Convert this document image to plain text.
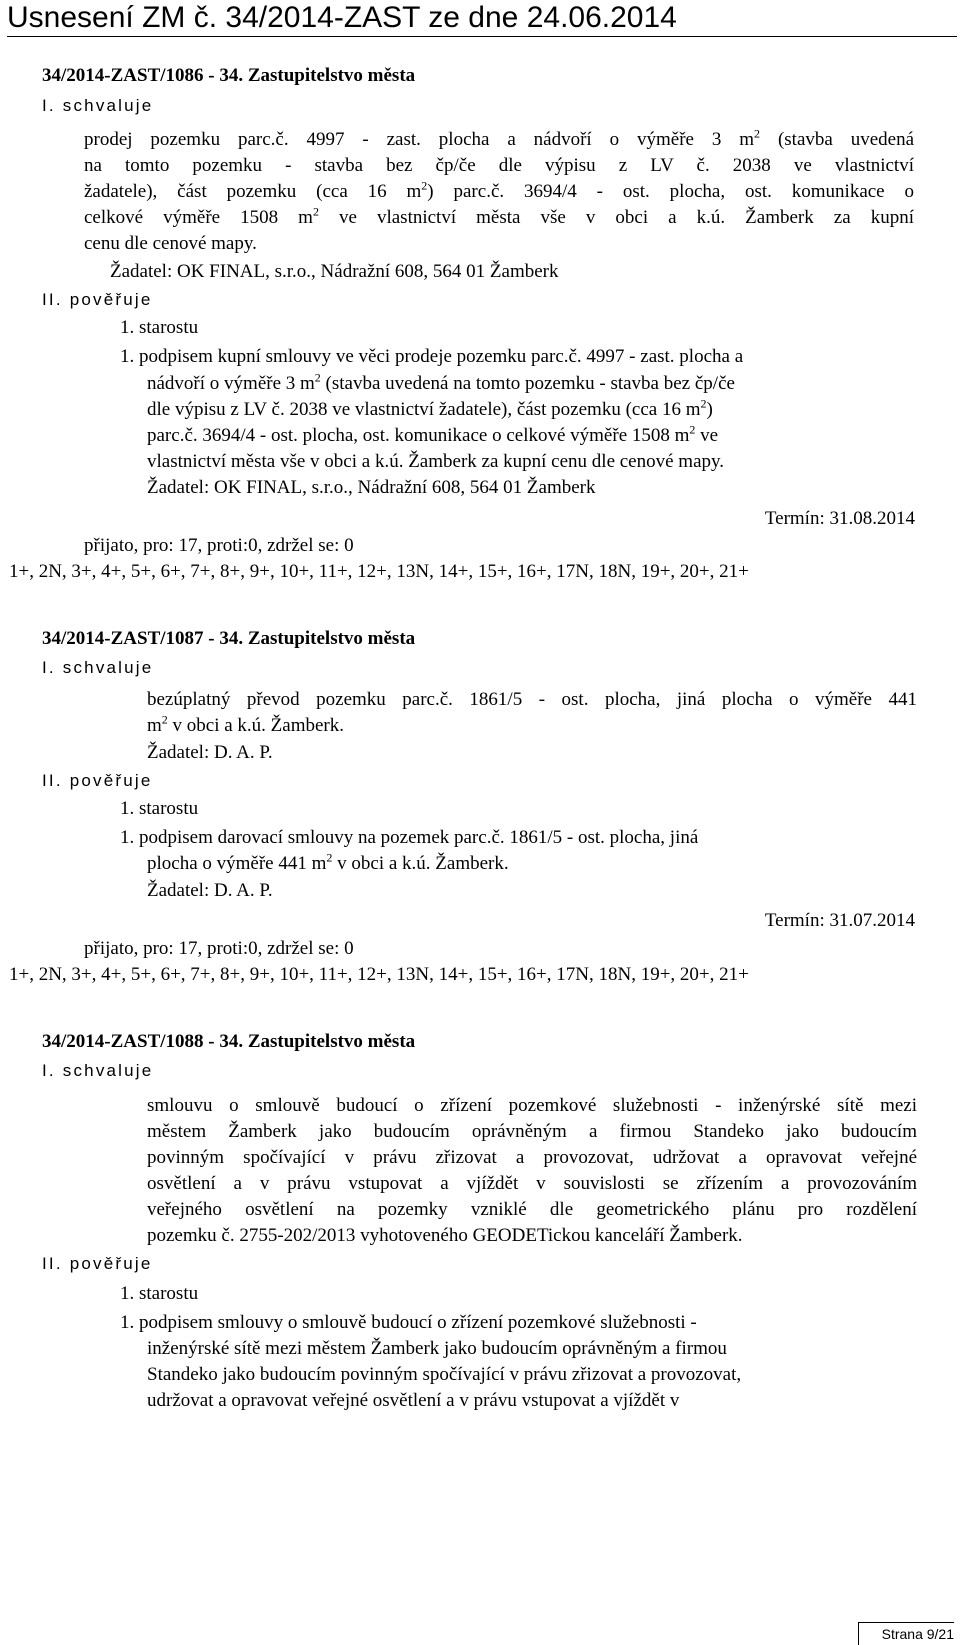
Usnesení ZM č. 34/2014-ZAST ze dne 24.06.2014
34/2014-ZAST/1086 - 34. Zastupitelstvo města
I. schvaluje
prodej pozemku parc.č. 4997 - zast. plocha a nádvoří o výměře 3 $m^2$ (stavba uvedená
na tomto pozemku - stavba bez čp/če dle výpisu z LV č. 2038 ve vlastnictví
žadatele), část pozemku (cca 16 $m^2$) parc.č. 3694/4 - ost. plocha, ost. komunikace o
celkové výměře 1508 $m^2$ ve vlastnictví města vše v obci a k.ú. Žamberk za kupní
cenu dle cenové mapy.
Žadatel: OK FINAL, s.r.o., Nádražní 608, 564 01 Žamberk
II. pověřuje
1. starostu
1. podpisem kupní smlouvy ve věci prodeje pozemku parc.č. 4997 - zast. plocha a
nádvoří o výměře 3 $m^2$ (stavba uvedená na tomto pozemku - stavba bez čp/če
dle výpisu z LV č. 2038 ve vlastnictví žadatele), část pozemku (cca 16 $m^2$)
parc.č. 3694/4 - ost. plocha, ost. komunikace o celkové výměře 1508 $m^2$ ve
vlastnictví města vše v obci a k.ú. Žamberk za kupní cenu dle cenové mapy.
Žadatel: OK FINAL, s.r.o., Nádražní 608, 564 01 Žamberk
Termín: 31.08.2014
přijato, pro: 17, proti:0, zdržel se: 0
1+, 2N, 3+, 4+, 5+, 6+, 7+, 8+, 9+, 10+, 11+, 12+, 13N, 14+, 15+, 16+, 17N, 18N, 19+, 20+, 21+
34/2014-ZAST/1087 - 34. Zastupitelstvo města
I. schvaluje
bezúplatný převod pozemku parc.č. 1861/5 - ost. plocha, jiná plocha o výměře 441
$m^2$ v obci a k.ú. Žamberk.
Žadatel: D. A. P.
II. pověřuje
1. starostu
1. podpisem darovací smlouvy na pozemek parc.č. 1861/5 - ost. plocha, jiná
plocha o výměře 441 $m^2$ v obci a k.ú. Žamberk.
Žadatel: D. A. P.
Termín: 31.07.2014
přijato, pro: 17, proti:0, zdržel se: 0
1+, 2N, 3+, 4+, 5+, 6+, 7+, 8+, 9+, 10+, 11+, 12+, 13N, 14+, 15+, 16+, 17N, 18N, 19+, 20+, 21+
34/2014-ZAST/1088 - 34. Zastupitelstvo města
I. schvaluje
smlouvu o smlouvě budoucí o zřízení pozemkové služebnosti - inženýrské sítě mezi
městem Žamberk jako budoucím oprávněným a firmou Standeko jako budoucím
povinným spočívající v právu zřizovat a provozovat, udržovat a opravovat veřejné
osvětlení a v právu vstupovat a vjíždět v souvislosti se zřízením a provozováním
veřejného osvětlení na pozemky vzniklé dle geometrického plánu pro rozdělení
pozemku č. 2755-202/2013 vyhotoveného GEODETickou kanceláří Žamberk.
II. pověřuje
1. starostu
1. podpisem smlouvy o smlouvě budoucí o zřízení pozemkové služebnosti -
inženýrské sítě mezi městem Žamberk jako budoucím oprávněným a firmou
Standeko jako budoucím povinným spočívající v právu zřizovat a provozovat,
udržovat a opravovat veřejné osvětlení a v právu vstupovat a vjíždět v
Strana 9/21
